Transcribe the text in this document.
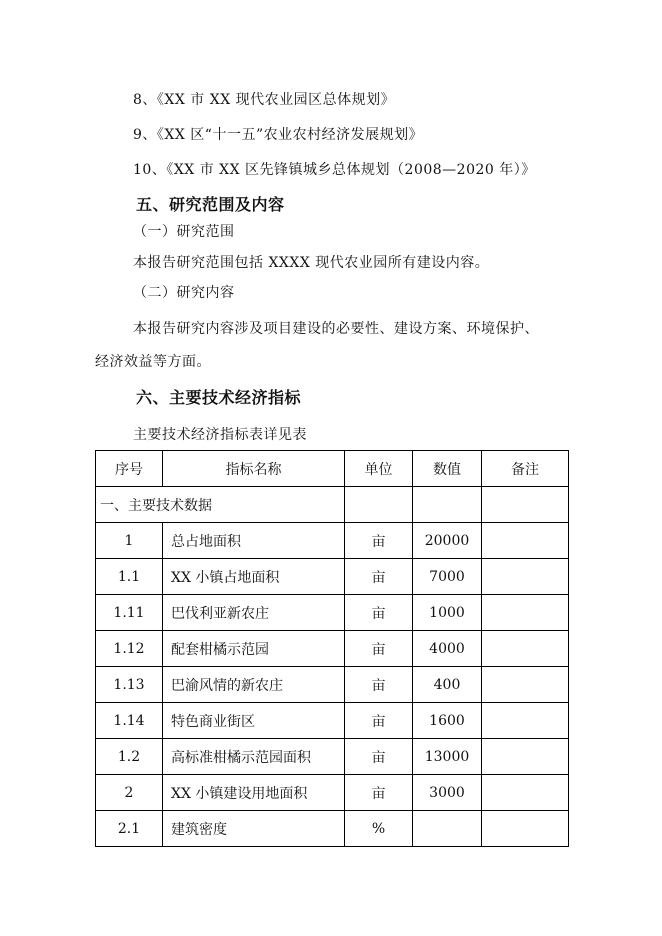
8、《XX 市 XX 现代农业园区总体规划》
9、《XX 区“十一五”农业农村经济发展规划》
10、《XX 市 XX 区先锋镇城乡总体规划（2008—2020 年）》
五、研究范围及内容
（一）研究范围
本报告研究范围包括 XXXX 现代农业园所有建设内容。
（二）研究内容
本报告研究内容涉及项目建设的必要性、建设方案、环境保护、
经济效益等方面。
六、主要技术经济指标
主要技术经济指标表详见表
序号	指标名称	单位	数值	备注
一、主要技术数据				
1	总占地面积	亩	20000	
1.1	XX 小镇占地面积	亩	7000	
1.11	巴伐利亚新农庄	亩	1000	
1.12	配套柑橘示范园	亩	4000	
1.13	巴渝风情的新农庄	亩	400	
1.14	特色商业街区	亩	1600	
1.2	高标准柑橘示范园面积	亩	13000	
2	XX 小镇建设用地面积	亩	3000	
2.1	建筑密度	%		
